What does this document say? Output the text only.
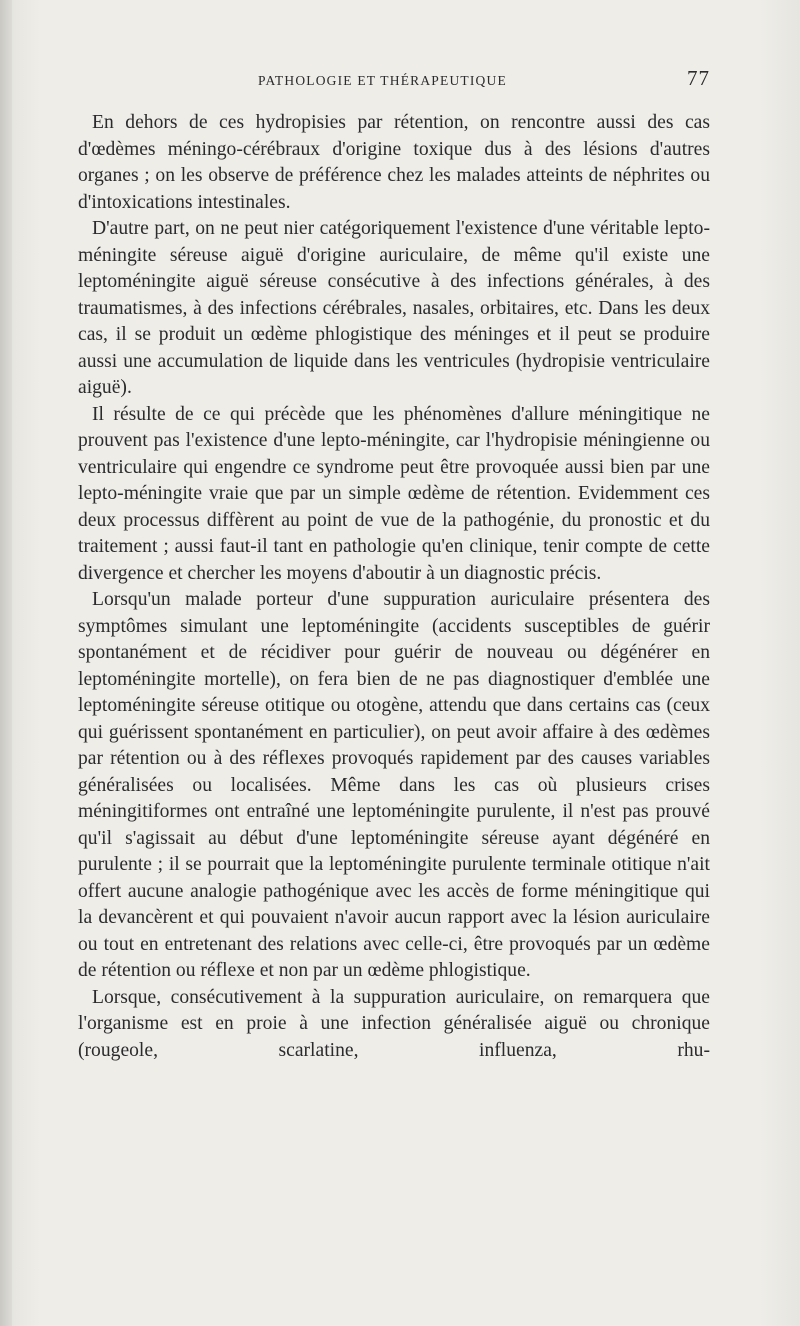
PATHOLOGIE ET THÉRAPEUTIQUE	77

En dehors de ces hydropisies par rétention, on rencontre aussi des cas d'œdèmes méningo-cérébraux d'origine toxique dus à des lésions d'autres organes ; on les observe de préférence chez les malades atteints de néphrites ou d'intoxications intestinales.

D'autre part, on ne peut nier catégoriquement l'existence d'une véritable lepto-méningite séreuse aiguë d'origine auriculaire, de même qu'il existe une leptoméningite aiguë séreuse consécutive à des infections générales, à des traumatismes, à des infections cérébrales, nasales, orbitaires, etc. Dans les deux cas, il se produit un œdème phlogistique des méninges et il peut se produire aussi une accumulation de liquide dans les ventricules (hydropisie ventriculaire aiguë).

Il résulte de ce qui précède que les phénomènes d'allure méningitique ne prouvent pas l'existence d'une lepto-méningite, car l'hydropisie méningienne ou ventriculaire qui engendre ce syndrome peut être provoquée aussi bien par une lepto-méningite vraie que par un simple œdème de rétention. Evidemment ces deux processus diffèrent au point de vue de la pathogénie, du pronostic et du traitement ; aussi faut-il tant en pathologie qu'en clinique, tenir compte de cette divergence et chercher les moyens d'aboutir à un diagnostic précis.

Lorsqu'un malade porteur d'une suppuration auriculaire présentera des symptômes simulant une leptoméningite (accidents susceptibles de guérir spontanément et de récidiver pour guérir de nouveau ou dégénérer en leptoméningite mortelle), on fera bien de ne pas diagnostiquer d'emblée une leptoméningite séreuse otitique ou otogène, attendu que dans certains cas (ceux qui guérissent spontanément en particulier), on peut avoir affaire à des œdèmes par rétention ou à des réflexes provoqués rapidement par des causes variables généralisées ou localisées. Même dans les cas où plusieurs crises méningitiformes ont entraîné une leptoméningite purulente, il n'est pas prouvé qu'il s'agissait au début d'une leptoméningite séreuse ayant dégénéré en purulente ; il se pourrait que la leptoméningite purulente terminale otitique n'ait offert aucune analogie pathogénique avec les accès de forme méningitique qui la devancèrent et qui pouvaient n'avoir aucun rapport avec la lésion auriculaire ou tout en entretenant des relations avec celle-ci, être provoqués par un œdème de rétention ou réflexe et non par un œdème phlogistique.

Lorsque, consécutivement à la suppuration auriculaire, on remarquera que l'organisme est en proie à une infection généralisée aiguë ou chronique (rougeole, scarlatine, influenza, rhu-
